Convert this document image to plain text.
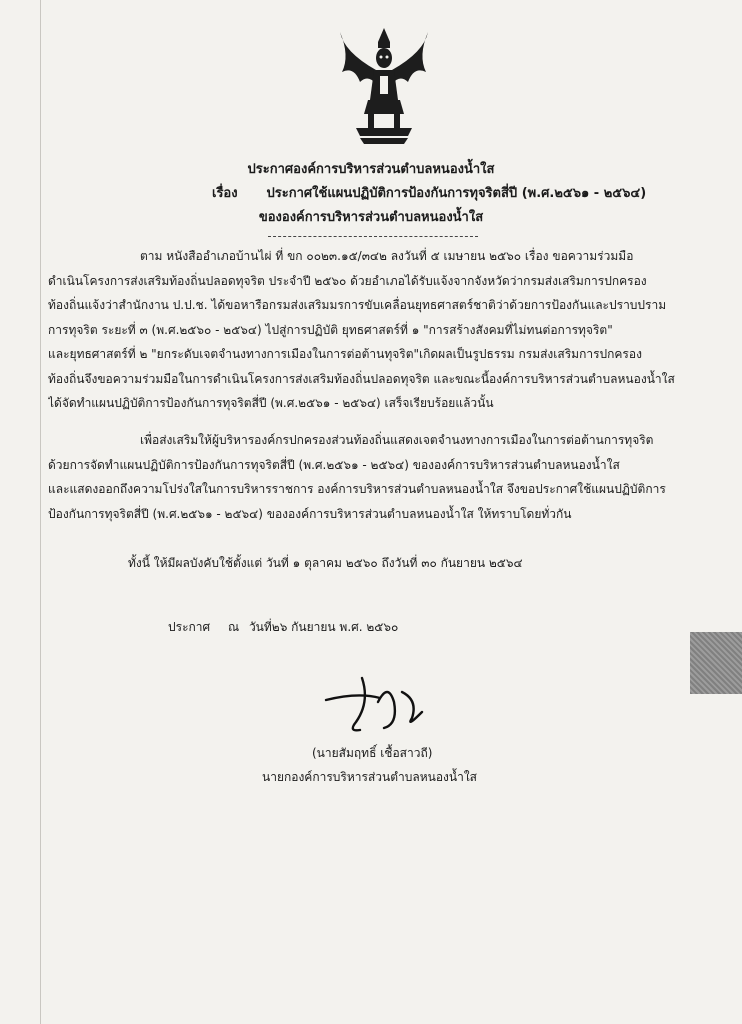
ประกาศองค์การบริหารส่วนตำบลหนองน้ำใส
เรื่อง ประกาศใช้แผนปฏิบัติการป้องกันการทุจริตสี่ปี (พ.ศ.๒๕๖๑ - ๒๕๖๔)
ขององค์การบริหารส่วนตำบลหนองน้ำใส

ตาม หนังสืออำเภอบ้านไผ่ ที่ ขก ๐๐๒๓.๑๕/๓๔๒ ลงวันที่ ๕ เมษายน ๒๕๖๐ เรื่อง ขอความร่วมมือ

ดำเนินโครงการส่งเสริมท้องถิ่นปลอดทุจริต ประจำปี ๒๕๖๐ ด้วยอำเภอได้รับแจ้งจากจังหวัดว่ากรมส่งเสริมการปกครอง

ท้องถิ่นแจ้งว่าสำนักงาน ป.ป.ช. ได้ขอหารือกรมส่งเสริมมรการขับเคลื่อนยุทธศาสตร์ชาติว่าด้วยการป้องกันและปราบปราม

การทุจริต ระยะที่ ๓ (พ.ศ.๒๕๖๐ - ๒๕๖๔) ไปสู่การปฏิบัติ ยุทธศาสตร์ที่ ๑ "การสร้างสังคมที่ไม่ทนต่อการทุจริต"

และยุทธศาสตร์ที่ ๒ "ยกระดับเจตจำนงทางการเมืองในการต่อต้านทุจริต"เกิดผลเป็นรูปธรรม กรมส่งเสริมการปกครอง

ท้องถิ่นจึงขอความร่วมมือในการดำเนินโครงการส่งเสริมท้องถิ่นปลอดทุจริต และขณะนี้องค์การบริหารส่วนตำบลหนองน้ำใส

ได้จัดทำแผนปฏิบัติการป้องกันการทุจริตสี่ปี (พ.ศ.๒๕๖๑ - ๒๕๖๔) เสร็จเรียบร้อยแล้วนั้น

เพื่อส่งเสริมให้ผู้บริหารองค์กรปกครองส่วนท้องถิ่นแสดงเจตจำนงทางการเมืองในการต่อต้านการทุจริต

ด้วยการจัดทำแผนปฏิบัติการป้องกันการทุจริตสี่ปี (พ.ศ.๒๕๖๑ - ๒๕๖๔) ขององค์การบริหารส่วนตำบลหนองน้ำใส

และแสดงออกถึงความโปร่งใสในการบริหารราชการ องค์การบริหารส่วนตำบลหนองน้ำใส จึงขอประกาศใช้แผนปฏิบัติการ

ป้องกันการทุจริตสี่ปี (พ.ศ.๒๕๖๑ - ๒๕๖๔) ขององค์การบริหารส่วนตำบลหนองน้ำใส ให้ทราบโดยทั่วกัน

ทั้งนี้ ให้มีผลบังคับใช้ตั้งแต่ วันที่ ๑ ตุลาคม ๒๕๖๐ ถึงวันที่ ๓๐ กันยายน ๒๕๖๔
ประกาศ ณ วันที่๒๖ กันยายน พ.ศ. ๒๕๖๐
(นายสัมฤทธิ์ เชื้อสาวถี)
นายกองค์การบริหารส่วนตำบลหนองน้ำใส
